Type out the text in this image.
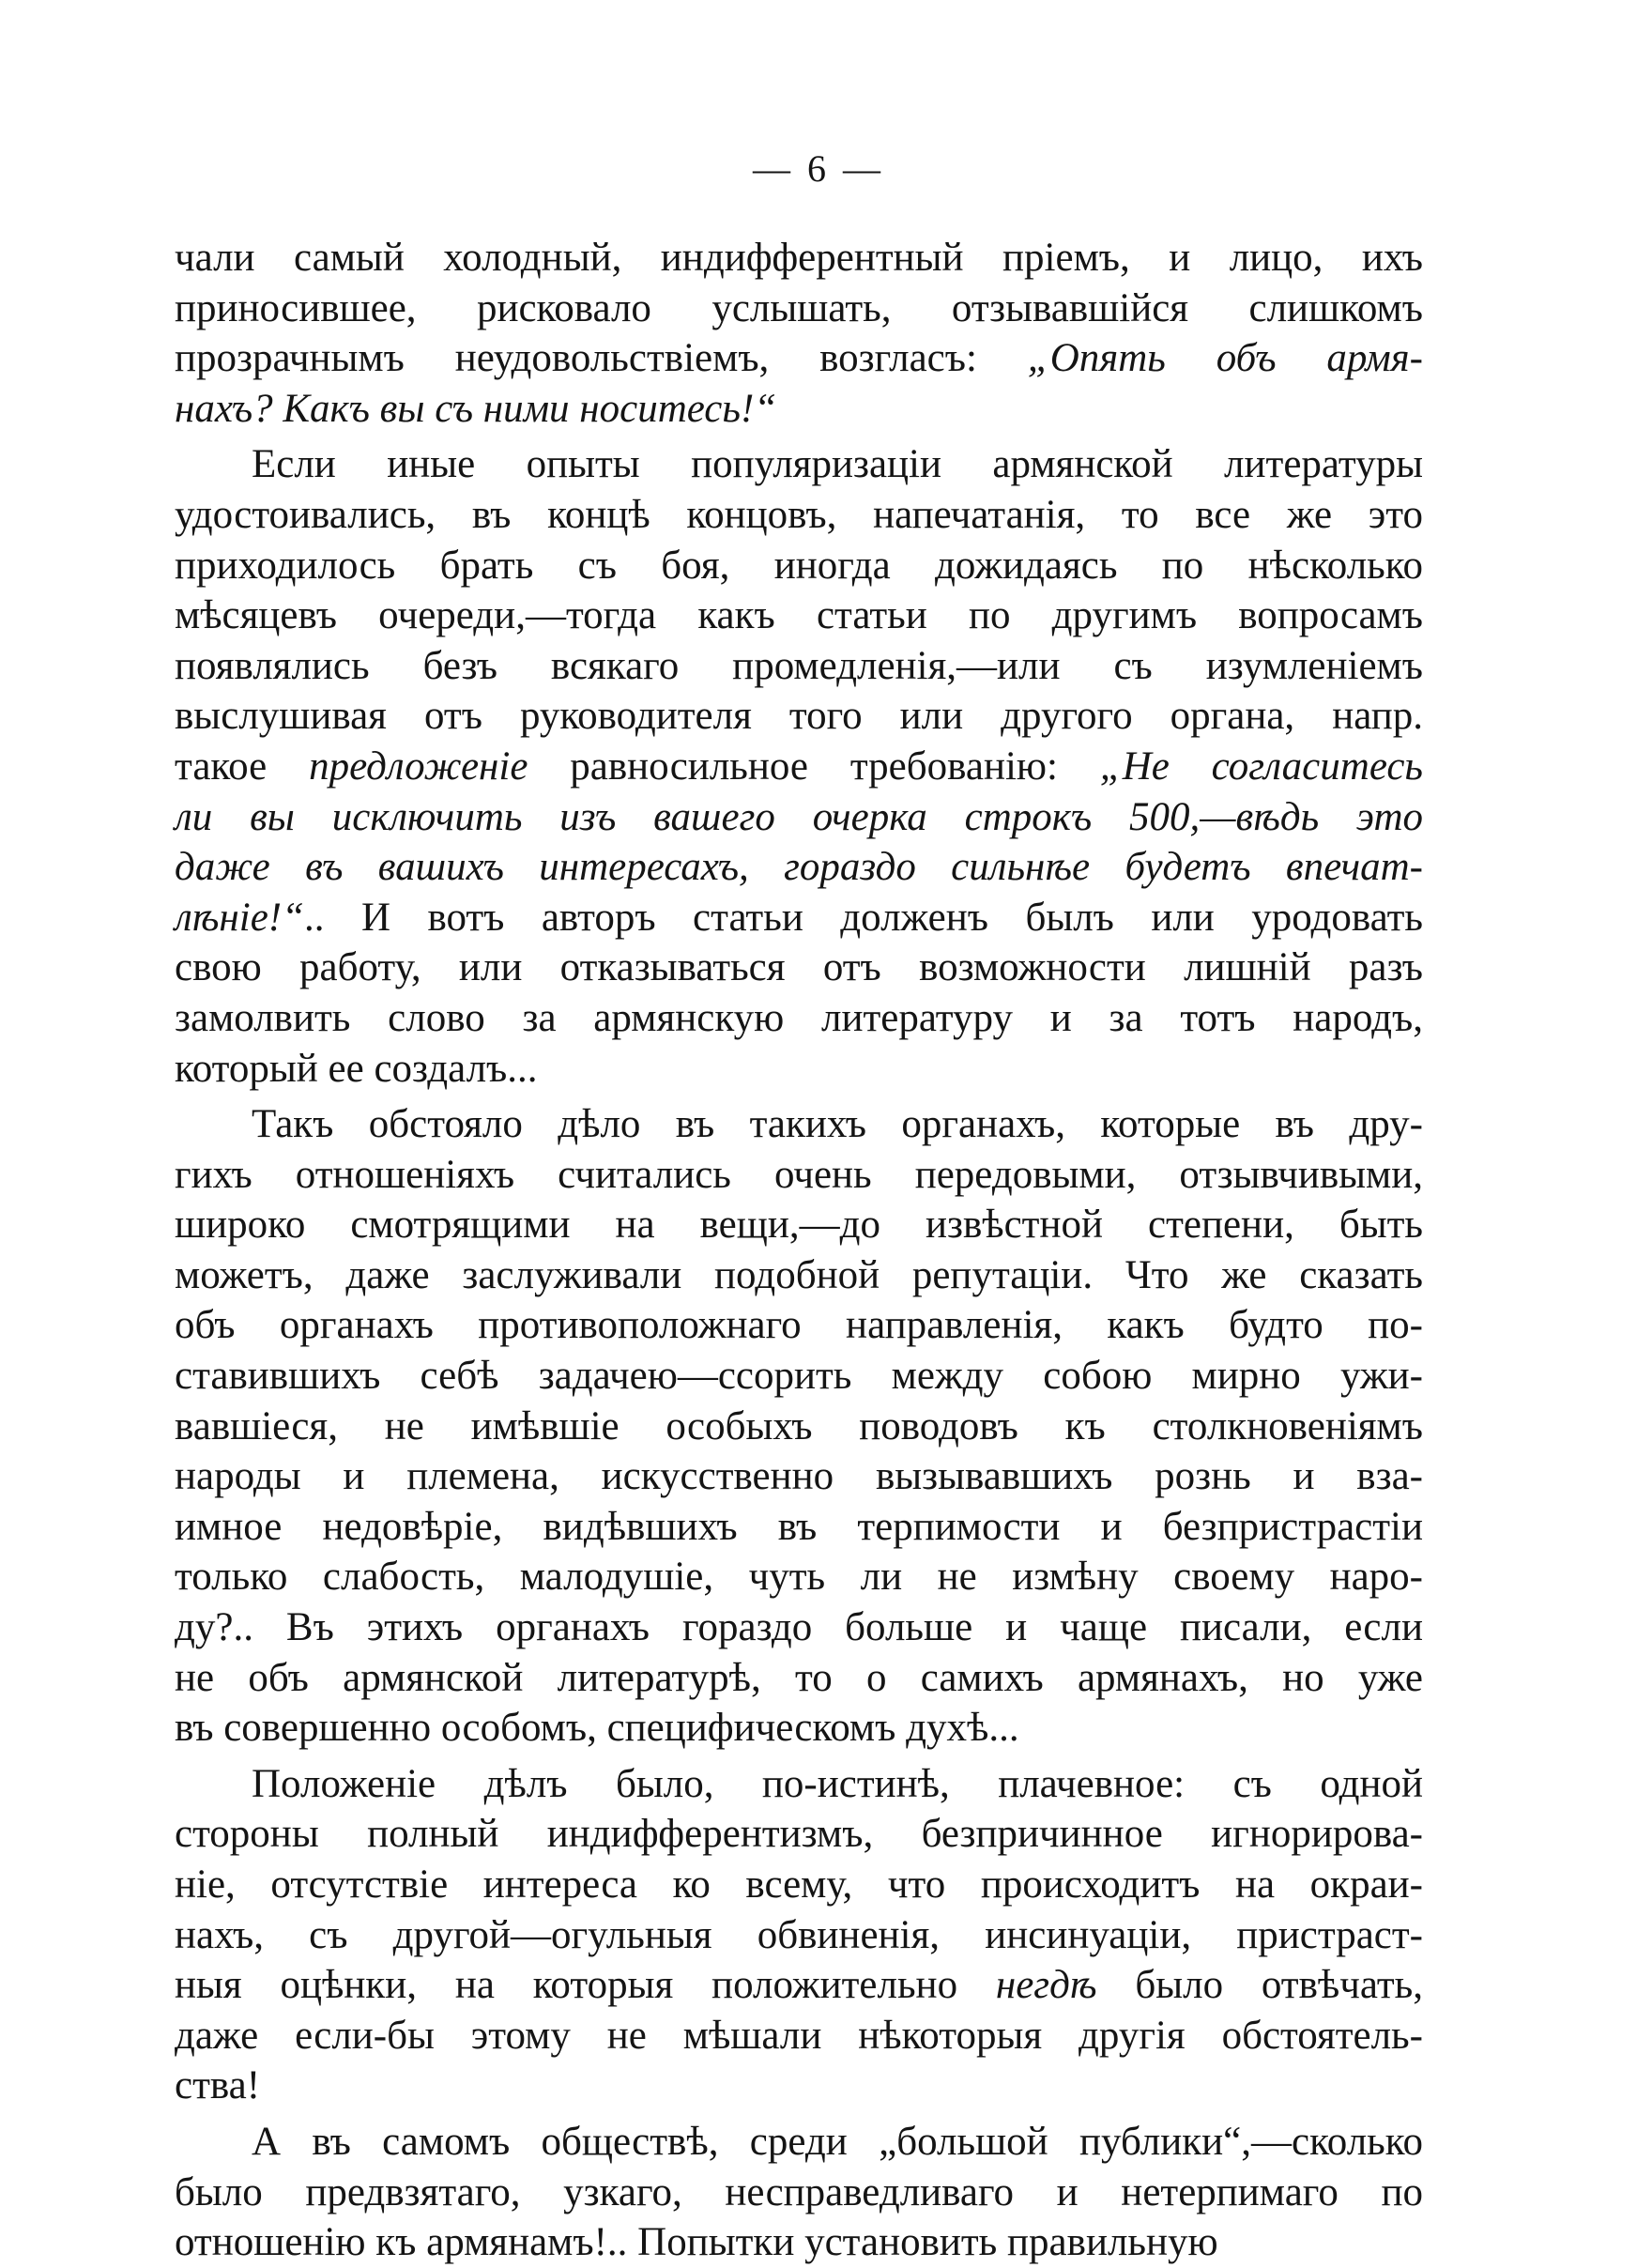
— 6 —
чали самый холодный, индифферентный пріемъ, и лицо, ихъ
приносившее, рисковало услышать, отзывавшійся слишкомъ
прозрачнымъ неудовольствіемъ, возгласъ: „Опять объ армя-
нахъ? Какъ вы съ ними носитесь!“
Если иные опыты популяризаціи армянской литературы
удостоивались, въ концѣ концовъ, напечатанія, то все же это
приходилось брать съ боя, иногда дожидаясь по нѣсколько
мѣсяцевъ очереди,—тогда какъ статьи по другимъ вопросамъ
появлялись безъ всякаго промедленія,—или съ изумленіемъ
выслушивая отъ руководителя того или другого органа, напр.
такое предложеніе равносильное требованію: „Не согласитесь
ли вы исключить изъ вашего очерка строкъ 500,—вѣдь это
даже въ вашихъ интересахъ, гораздо сильнѣе будетъ впечат-
лѣніе!“.. И вотъ авторъ статьи долженъ былъ или уродовать
свою работу, или отказываться отъ возможности лишній разъ
замолвить слово за армянскую литературу и за тотъ народъ,
который ее создалъ...
Такъ обстояло дѣло въ такихъ органахъ, которые въ дру-
гихъ отношеніяхъ считались очень передовыми, отзывчивыми,
широко смотрящими на вещи,—до извѣстной степени, быть
можетъ, даже заслуживали подобной репутаціи. Что же сказать
объ органахъ противоположнаго направленія, какъ будто по-
ставившихъ себѣ задачею—ссорить между собою мирно ужи-
вавшіеся, не имѣвшіе особыхъ поводовъ къ столкновеніямъ
народы и племена, искусственно вызывавшихъ рознь и вза-
имное недовѣріе, видѣвшихъ въ терпимости и безпристрастіи
только слабость, малодушіе, чуть ли не измѣну своему наро-
ду?.. Въ этихъ органахъ гораздо больше и чаще писали, если
не объ армянской литературѣ, то о самихъ армянахъ, но уже
въ совершенно особомъ, специфическомъ духѣ...
Положеніе дѣлъ было, по-истинѣ, плачевное: съ одной
стороны полный индифферентизмъ, безпричинное игнорирова-
ніе, отсутствіе интереса ко всему, что происходитъ на окраи-
нахъ, съ другой—огульныя обвиненія, инсинуаціи, пристраст-
ныя оцѣнки, на которыя положительно негдѣ было отвѣчать,
даже если-бы этому не мѣшали нѣкоторыя другія обстоятель-
ства!
А въ самомъ обществѣ, среди „большой публики“,—сколько
было предвзятаго, узкаго, несправедливаго и нетерпимаго по
отношенію къ армянамъ!.. Попытки установить правильную
